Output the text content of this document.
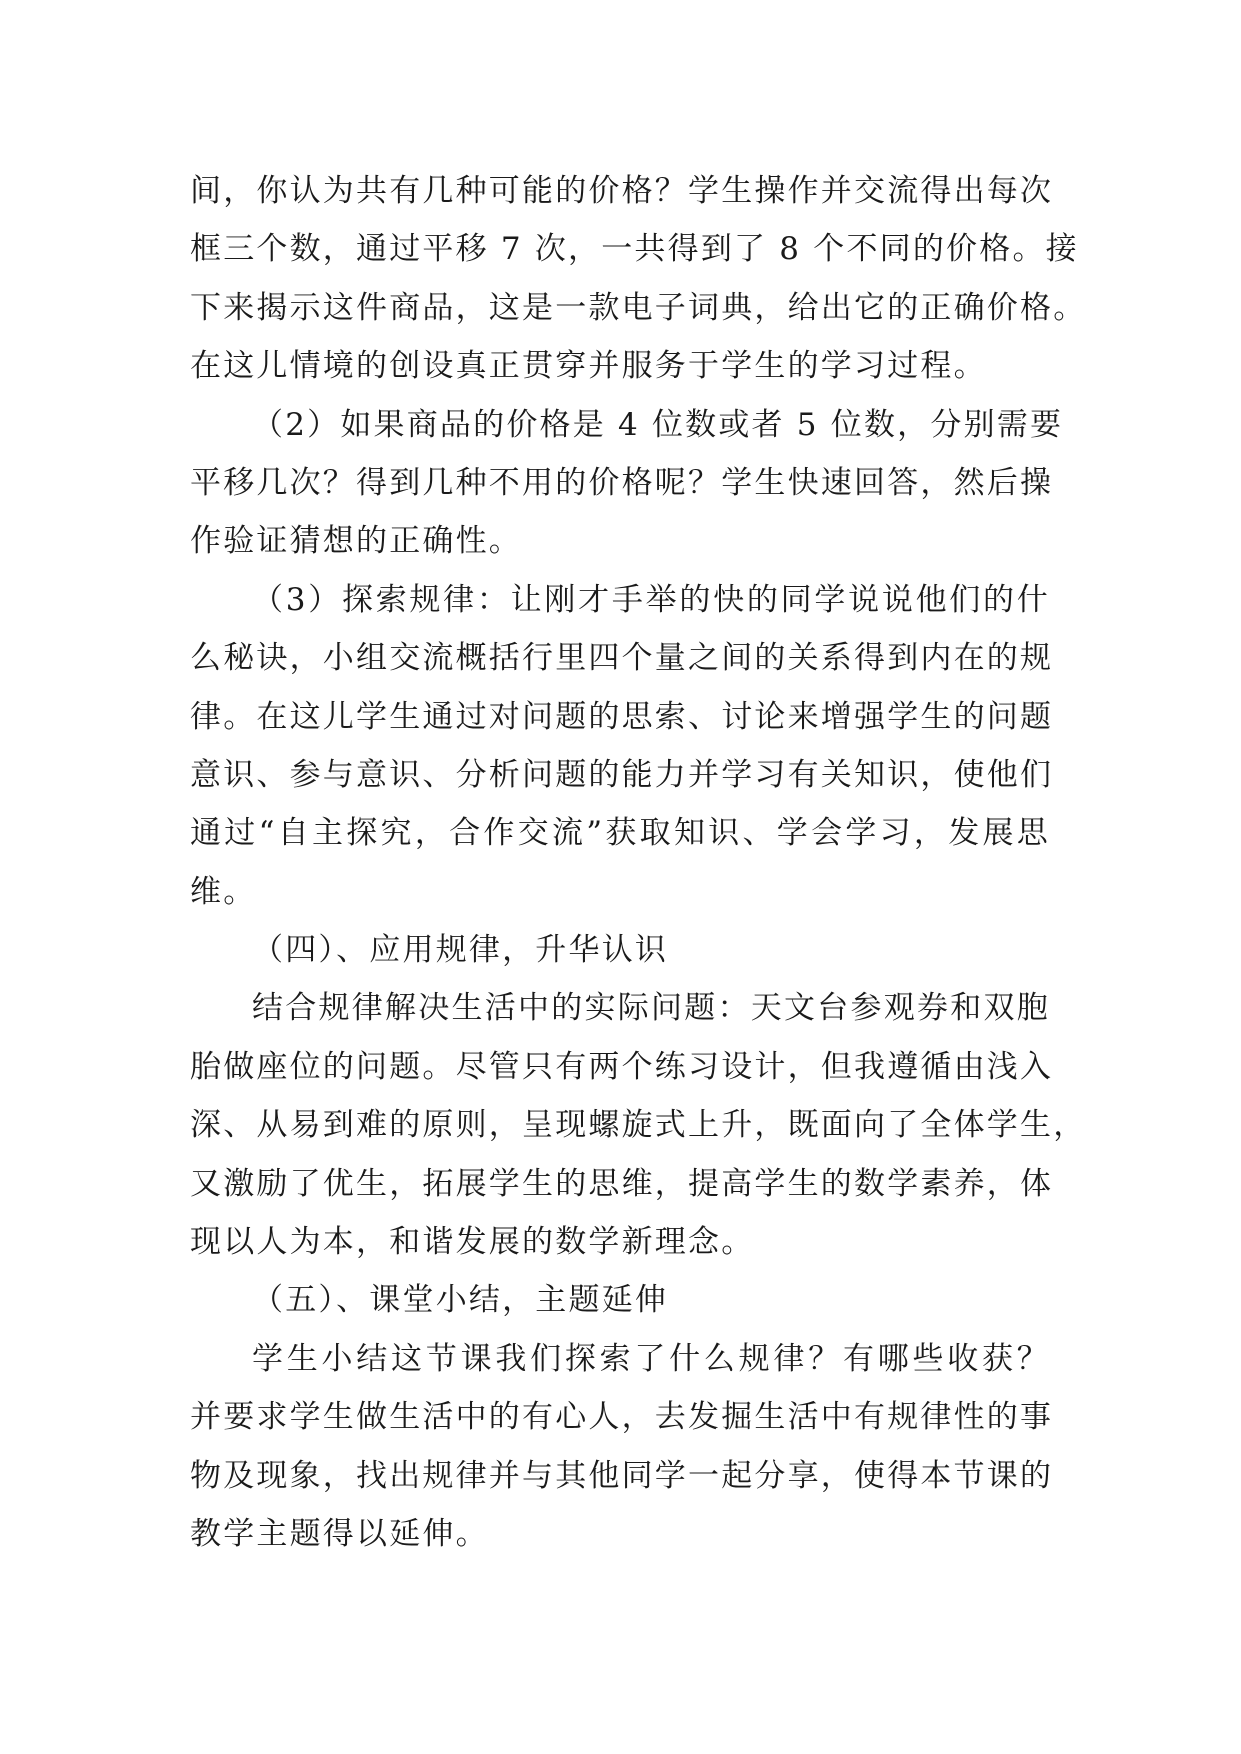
间，你认为共有几种可能的价格？学生操作并交流得出每次
框三个数，通过平移 7 次，一共得到了 8 个不同的价格。接
下来揭示这件商品，这是一款电子词典，给出它的正确价格。
在这儿情境的创设真正贯穿并服务于学生的学习过程。
（2）如果商品的价格是 4 位数或者 5 位数，分别需要
平移几次？得到几种不用的价格呢？学生快速回答，然后操
作验证猜想的正确性。
（3）探索规律：让刚才手举的快的同学说说他们的什
么秘诀，小组交流概括行里四个量之间的关系得到内在的规
律。在这儿学生通过对问题的思索、讨论来增强学生的问题
意识、参与意识、分析问题的能力并学习有关知识，使他们
通过“自主探究，合作交流”获取知识、学会学习，发展思
维。
（四）、应用规律，升华认识
结合规律解决生活中的实际问题：天文台参观券和双胞
胎做座位的问题。尽管只有两个练习设计，但我遵循由浅入
深、从易到难的原则，呈现螺旋式上升，既面向了全体学生，
又激励了优生，拓展学生的思维，提高学生的数学素养，体
现以人为本，和谐发展的数学新理念。
（五）、课堂小结，主题延伸
学生小结这节课我们探索了什么规律？有哪些收获？
并要求学生做生活中的有心人，去发掘生活中有规律性的事
物及现象，找出规律并与其他同学一起分享，使得本节课的
教学主题得以延伸。
